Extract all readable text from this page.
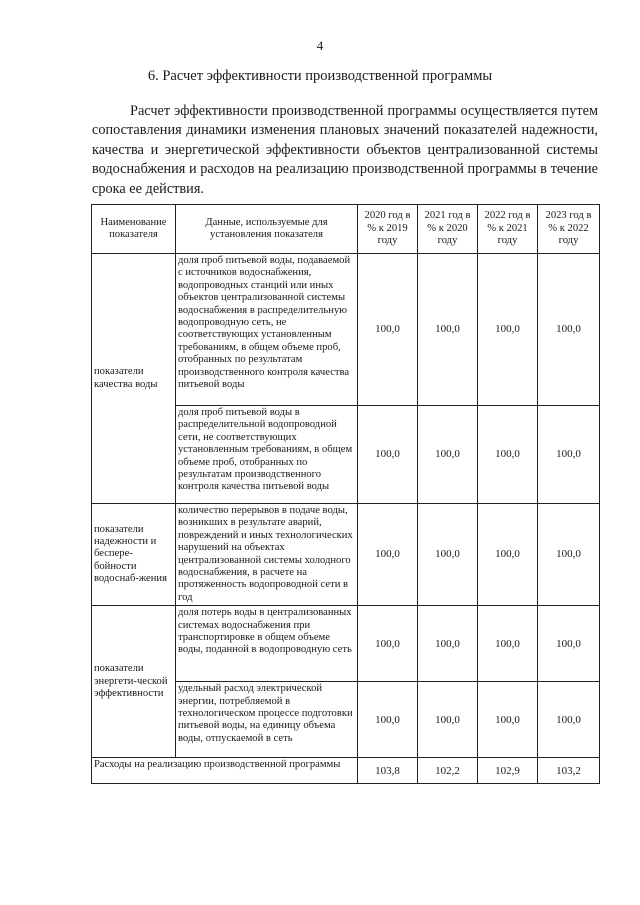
4
6. Расчет эффективности производственной программы

Расчет эффективности производственной программы осуществляется путем сопоставления динамики изменения плановых значений показателей надежности, качества и энергетической эффективности объектов централизованной системы водоснабжения и расходов на реализацию производственной программы в течение срока ее действия.

Наименование показателя	Данные, используемые для установления показателя	2020 год в % к 2019 году	2021 год в % к 2020 году	2022 год в % к 2021 году	2023 год в % к 2022 году
показатели качества воды	доля проб питьевой воды, подаваемой с источников водоснабжения, водопроводных станций или иных объектов централизованной системы водоснабжения в распределительную водопроводную сеть, не соответствующих установленным требованиям, в общем объеме проб, отобранных по результатам производственного контроля качества питьевой воды	100,0	100,0	100,0	100,0
	доля проб питьевой воды в распределительной водопроводной сети, не соответствующих установленным требованиям, в общем объеме проб, отобранных по результатам производственного контроля качества питьевой воды	100,0	100,0	100,0	100,0
показатели надежности и беспере-бойности водоснаб-жения	количество перерывов в подаче воды, возникших в результате аварий, повреждений и иных технологических нарушений на объектах централизованной системы холодного водоснабжения, в расчете на протяженность водопроводной сети в год	100,0	100,0	100,0	100,0
показатели энергети-ческой эффективности	доля потерь воды в централизованных системах водоснабжения при транспортировке в общем объеме воды, поданной в водопроводную сеть	100,0	100,0	100,0	100,0
	удельный расход электрической энергии, потребляемой в технологическом процессе подготовки питьевой воды, на единицу объема воды, отпускаемой в сеть	100,0	100,0	100,0	100,0
Расходы на реализацию производственной программы		103,8	102,2	102,9	103,2
